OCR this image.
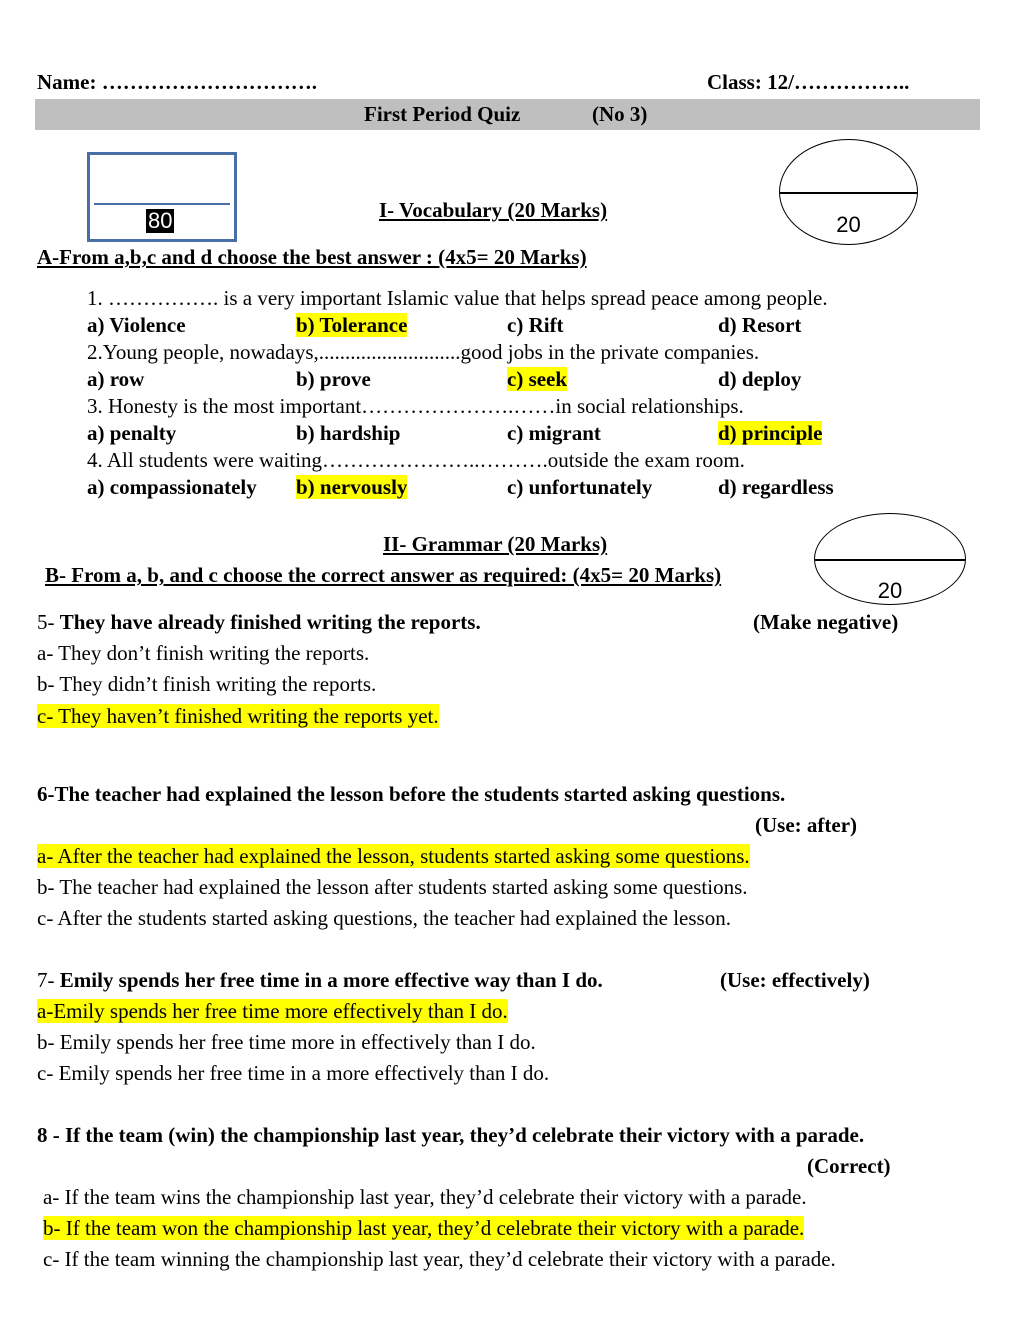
Name: ………………………….	Class: 12/……………..
First Period Quiz	(No 3)
80	I- Vocabulary (20 Marks)
20
A-From a,b,c and d choose the best answer : (4x5= 20 Marks)
1. ……………. is a very important Islamic value that helps spread peace among people.
a) Violence	b) Tolerance	c) Rift	d) Resort
2.Young people, nowadays,...........................good jobs in the private companies.
a) row	b) prove	c) seek	d) deploy
3. Honesty is the most important………………….……in social relationships.
a) penalty	b) hardship	c) migrant	d) principle
4. All students were waiting…………………..……….outside the exam room.
a) compassionately b) nervously	c) unfortunately	d) regardless
II- Grammar (20 Marks)
20
B- From a, b, and c choose the correct answer as required: (4x5= 20 Marks)
5- They have already finished writing the reports.	(Make negative)
a- They don’t finish writing the reports.
b- They didn’t finish writing the reports.
c- They haven’t finished writing the reports yet.
6-The teacher had explained the lesson before the students started asking questions.
(Use: after)
a- After the teacher had explained the lesson, students started asking some questions.
b- The teacher had explained the lesson after students started asking some questions.
c- After the students started asking questions, the teacher had explained the lesson.
7- Emily spends her free time in a more effective way than I do.	(Use: effectively)
a-Emily spends her free time more effectively than I do.
b- Emily spends her free time more in effectively than I do.
c- Emily spends her free time in a more effectively than I do.
8 - If the team (win) the championship last year, they’d celebrate their victory with a parade.
(Correct)
a- If the team wins the championship last year, they’d celebrate their victory with a parade.
b- If the team won the championship last year, they’d celebrate their victory with a parade.
c- If the team winning the championship last year, they’d celebrate their victory with a parade.
